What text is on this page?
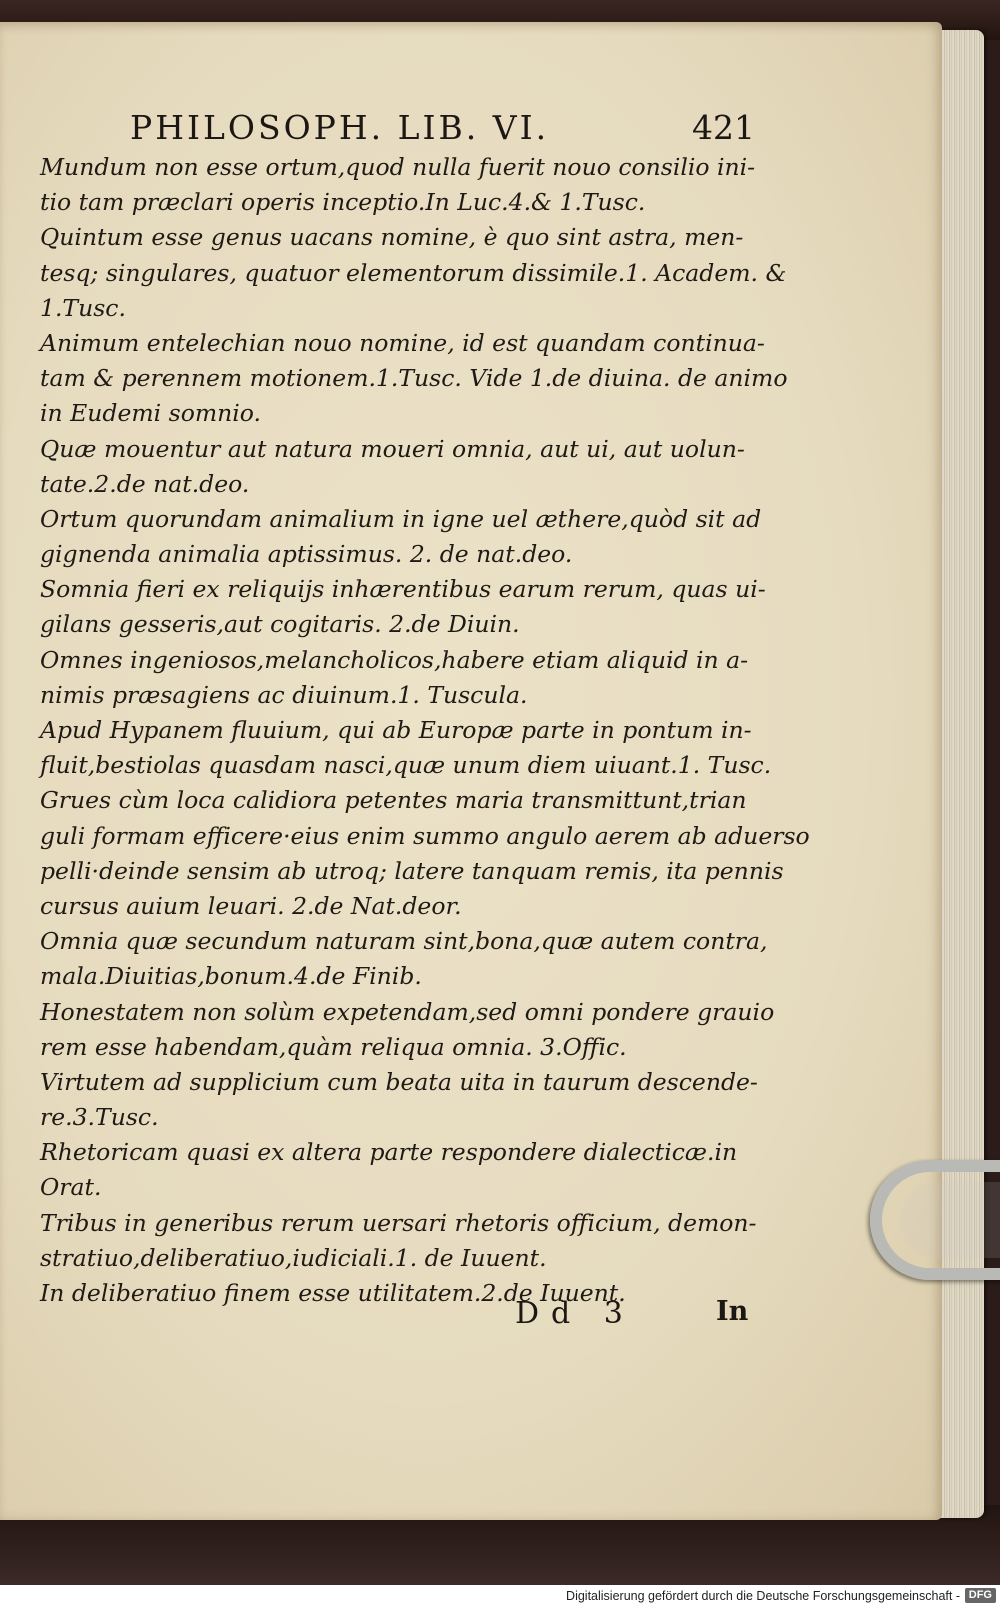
PHILOSOPH. LIB. VI.	421
Mundum non esse ortum,quod nulla fuerit nouo consilio ini-
tio tam præclari operis inceptio.In Luc.4.& 1.Tusc.
Quintum esse genus uacans nomine, è quo sint astra, men-
tesq; singulares, quatuor elementorum dissimile.1. Academ. &
1.Tusc.
Animum entelechian nouo nomine, id est quandam continua-
tam & perennem motionem.1.Tusc. Vide 1.de diuina. de animo
in Eudemi somnio.
Quæ mouentur aut natura moueri omnia, aut ui, aut uolun-
tate.2.de nat.deo.
Ortum quorundam animalium in igne uel æthere,quòd sit ad
gignenda animalia aptissimus. 2. de nat.deo.
Somnia fieri ex reliquijs inhærentibus earum rerum, quas ui-
gilans gesseris,aut cogitaris. 2.de Diuin.
Omnes ingeniosos,melancholicos,habere etiam aliquid in a-
nimis præsagiens ac diuinum.1. Tuscula.
Apud Hypanem fluuium, qui ab Europæ parte in pontum in-
fluit,bestiolas quasdam nasci,quæ unum diem uiuant.1. Tusc.
Grues cùm loca calidiora petentes maria transmittunt,trian
guli formam efficere·eius enim summo angulo aerem ab aduerso
pelli·deinde sensim ab utroq; latere tanquam remis, ita pennis
cursus auium leuari. 2.de Nat.deor.
Omnia quæ secundum naturam sint,bona,quæ autem contra,
mala.Diuitias,bonum.4.de Finib.
Honestatem non solùm expetendam,sed omni pondere grauio
rem esse habendam,quàm reliqua omnia. 3.Offic.
Virtutem ad supplicium cum beata uita in taurum descende-
re.3.Tusc.
Rhetoricam quasi ex altera parte respondere dialecticæ.in
Orat.
Tribus in generibus rerum uersari rhetoris officium, demon-
stratiuo,deliberatiuo,iudiciali.1. de Iuuent.
In deliberatiuo finem esse utilitatem.2.de Iuuent.
Dd 3	In
Digitalisierung gefördert durch die Deutsche Forschungsgemeinschaft - DFG
